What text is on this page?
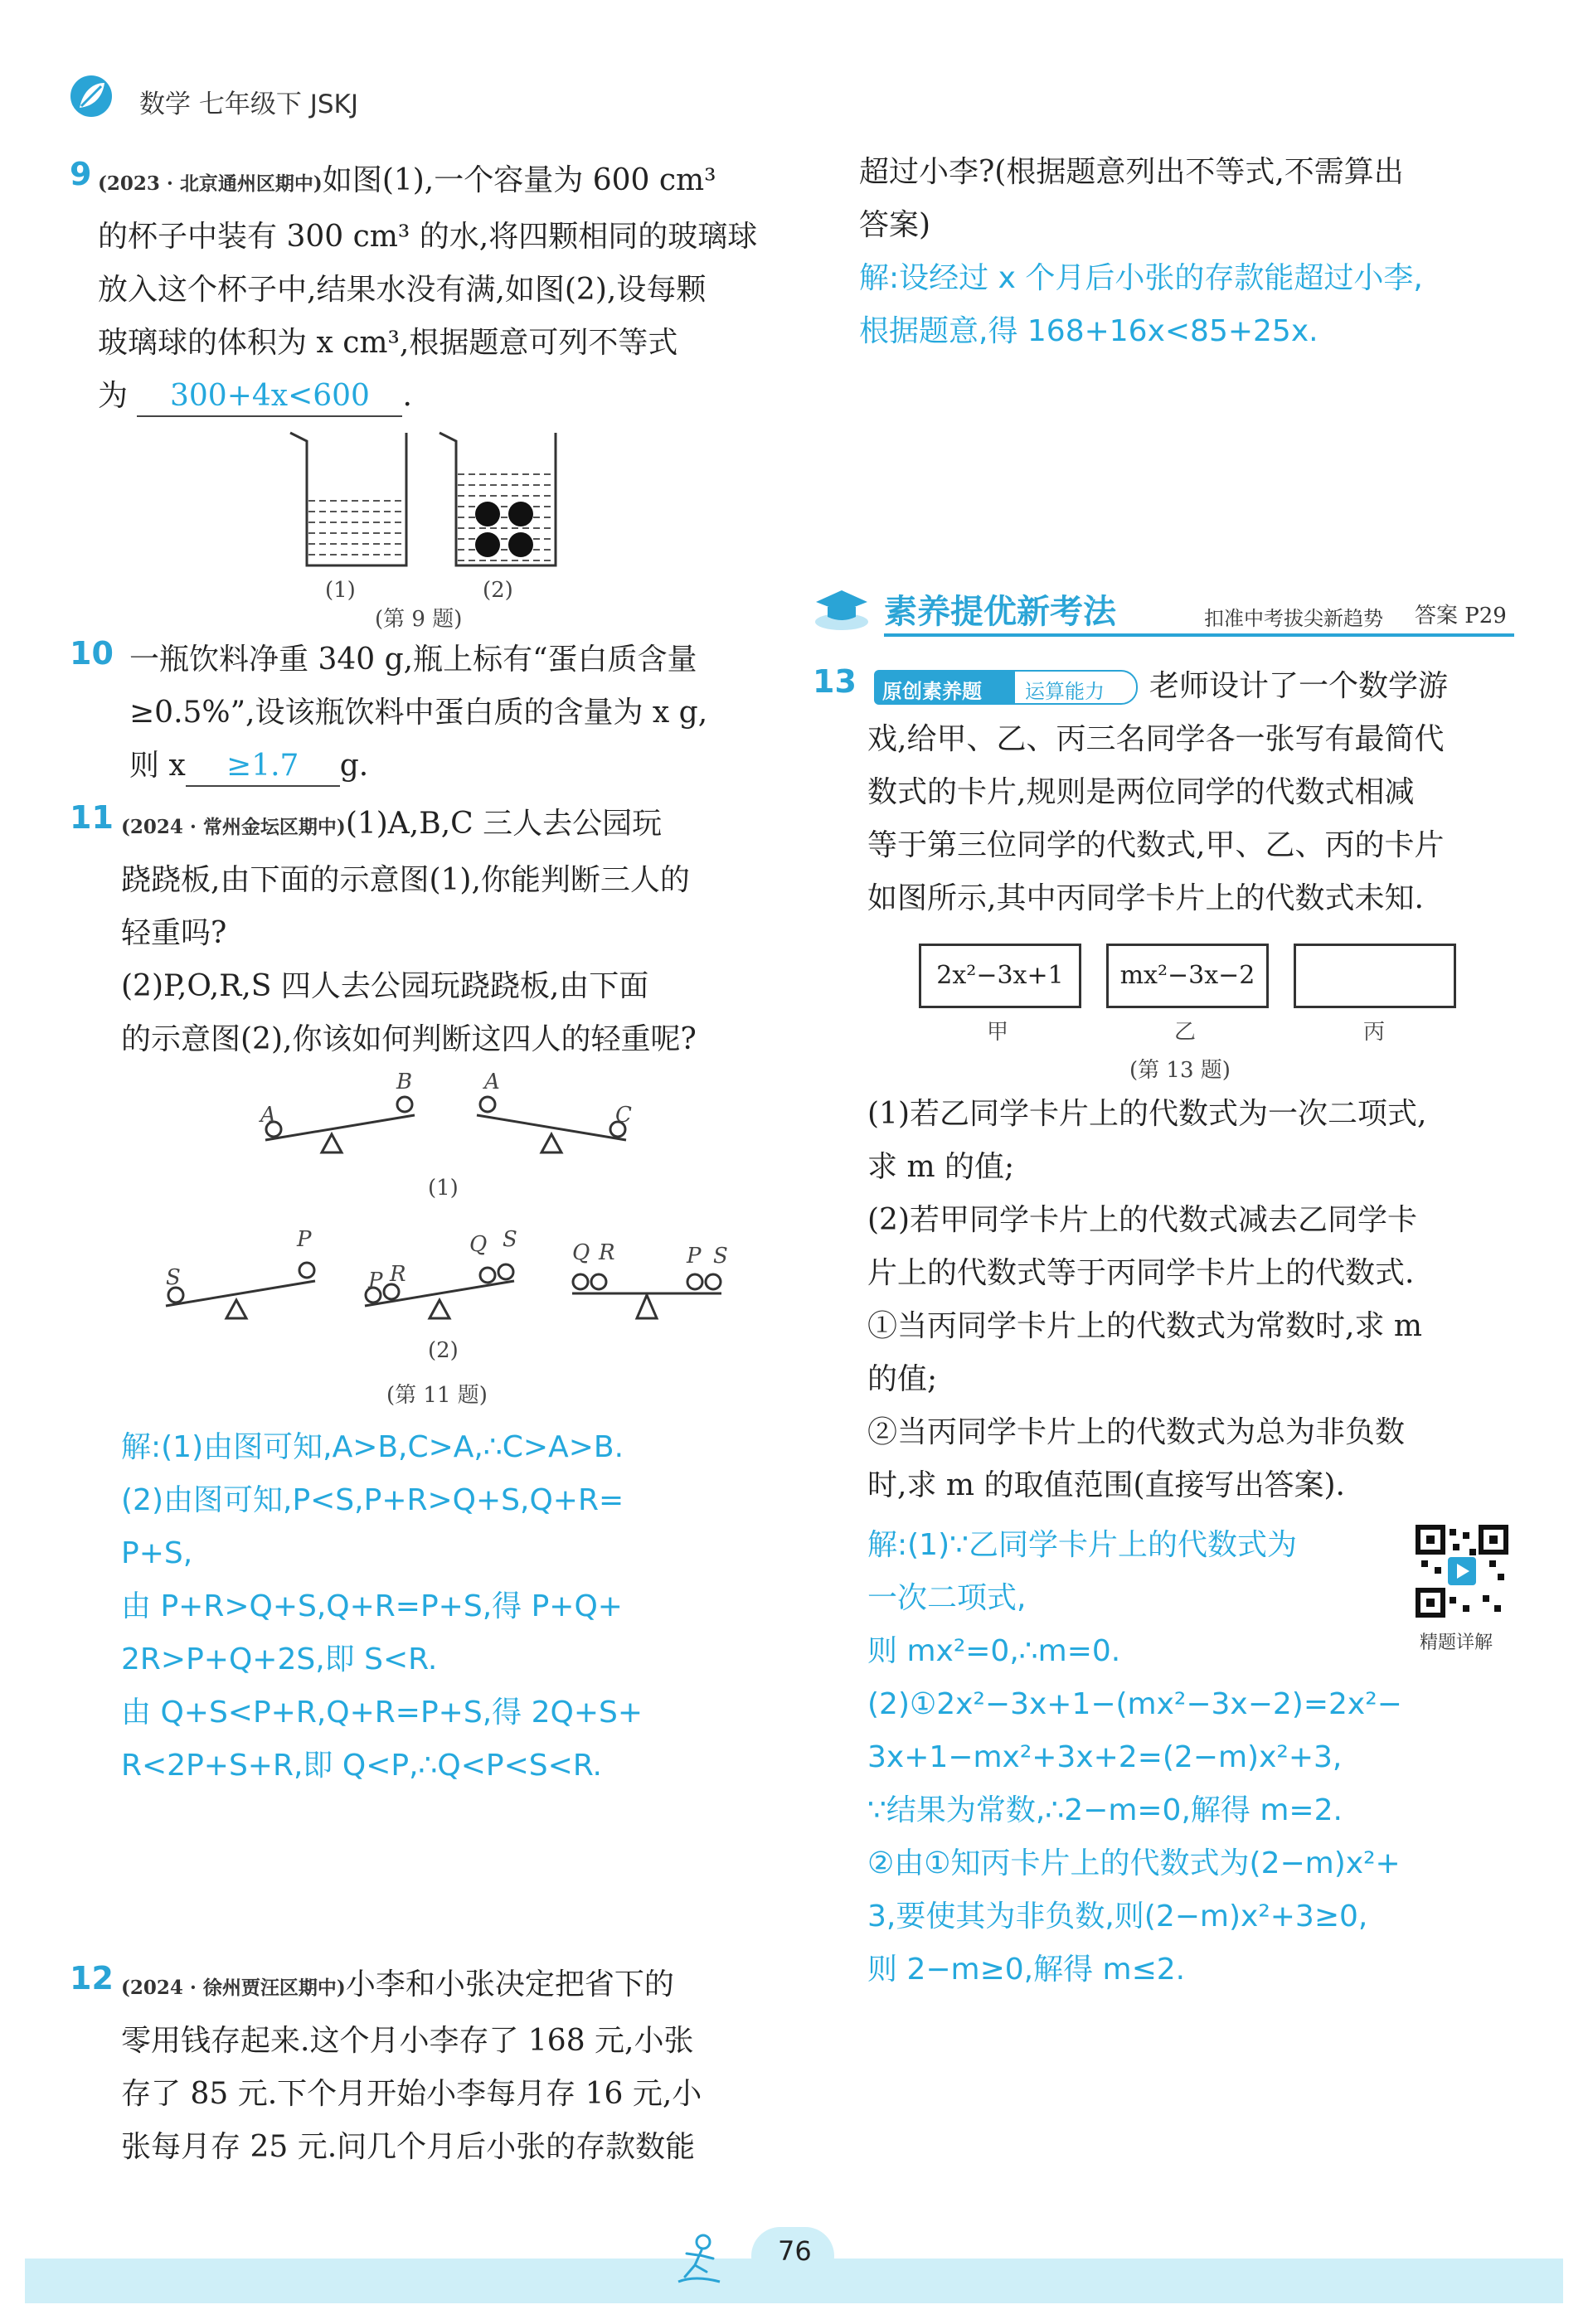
数学 七年级下 JSKJ
9 (2023 · 北京通州区期中)如图(1),一个容量为 600 cm³
的杯子中装有 300 cm³ 的水,将四颗相同的玻璃球
放入这个杯子中,结果水没有满,如图(2),设每颗
玻璃球的体积为 x cm³,根据题意可列不等式
为 300+4x<600 .
(1)	(2)
(第 9 题)
10 一瓶饮料净重 340 g,瓶上标有“蛋白质含量
≥0.5%”,设该瓶饮料中蛋白质的含量为 x g,
则 x ≥1.7 g.
11 (2024 · 常州金坛区期中)(1)A,B,C 三人去公园玩
跷跷板,由下面的示意图(1),你能判断三人的
轻重吗?
(2)P,O,R,S 四人去公园玩跷跷板,由下面
的示意图(2),你该如何判断这四人的轻重呢?
A
B	A
C
(1)
S
P
P R
Q S
Q R	P S
(2)
(第 11 题)
解:(1)由图可知,A>B,C>A,∴C>A>B.
(2)由图可知,P<S,P+R>Q+S,Q+R=
P+S,
由 P+R>Q+S,Q+R=P+S,得 P+Q+
2R>P+Q+2S,即 S<R.
由 Q+S<P+R,Q+R=P+S,得 2Q+S+
R<2P+S+R,即 Q<P,∴Q<P<S<R.
12 (2024 · 徐州贾汪区期中)小李和小张决定把省下的
零用钱存起来.这个月小李存了 168 元,小张
存了 85 元.下个月开始小李每月存 16 元,小
张每月存 25 元.问几个月后小张的存款数能
超过小李?(根据题意列出不等式,不需算出
答案)
解:设经过 x 个月后小张的存款能超过小李,
根据题意,得 168+16x<85+25x.
素养提优新考法	扣准中考拔尖新趋势 答案 P29
13 原创素养题 运算能力	老师设计了一个数学游
戏,给甲、乙、丙三名同学各一张写有最简代
数式的卡片,规则是两位同学的代数式相减
等于第三位同学的代数式,甲、乙、丙的卡片
如图所示,其中丙同学卡片上的代数式未知.
2x²−3x+1	mx²−3x−2
甲	乙	丙
(第 13 题)
(1)若乙同学卡片上的代数式为一次二项式,
求 m 的值;
(2)若甲同学卡片上的代数式减去乙同学卡
片上的代数式等于丙同学卡片上的代数式.
①当丙同学卡片上的代数式为常数时,求 m
的值;
②当丙同学卡片上的代数式为总为非负数
时,求 m 的取值范围(直接写出答案).
精题详解
解:(1)∵乙同学卡片上的代数式为
一次二项式,
则 mx²=0,∴m=0.
(2)①2x²−3x+1−(mx²−3x−2)=2x²−
3x+1−mx²+3x+2=(2−m)x²+3,
∵结果为常数,∴2−m=0,解得 m=2.
②由①知丙卡片上的代数式为(2−m)x²+
3,要使其为非负数,则(2−m)x²+3≥0,
则 2−m≥0,解得 m≤2.
76
